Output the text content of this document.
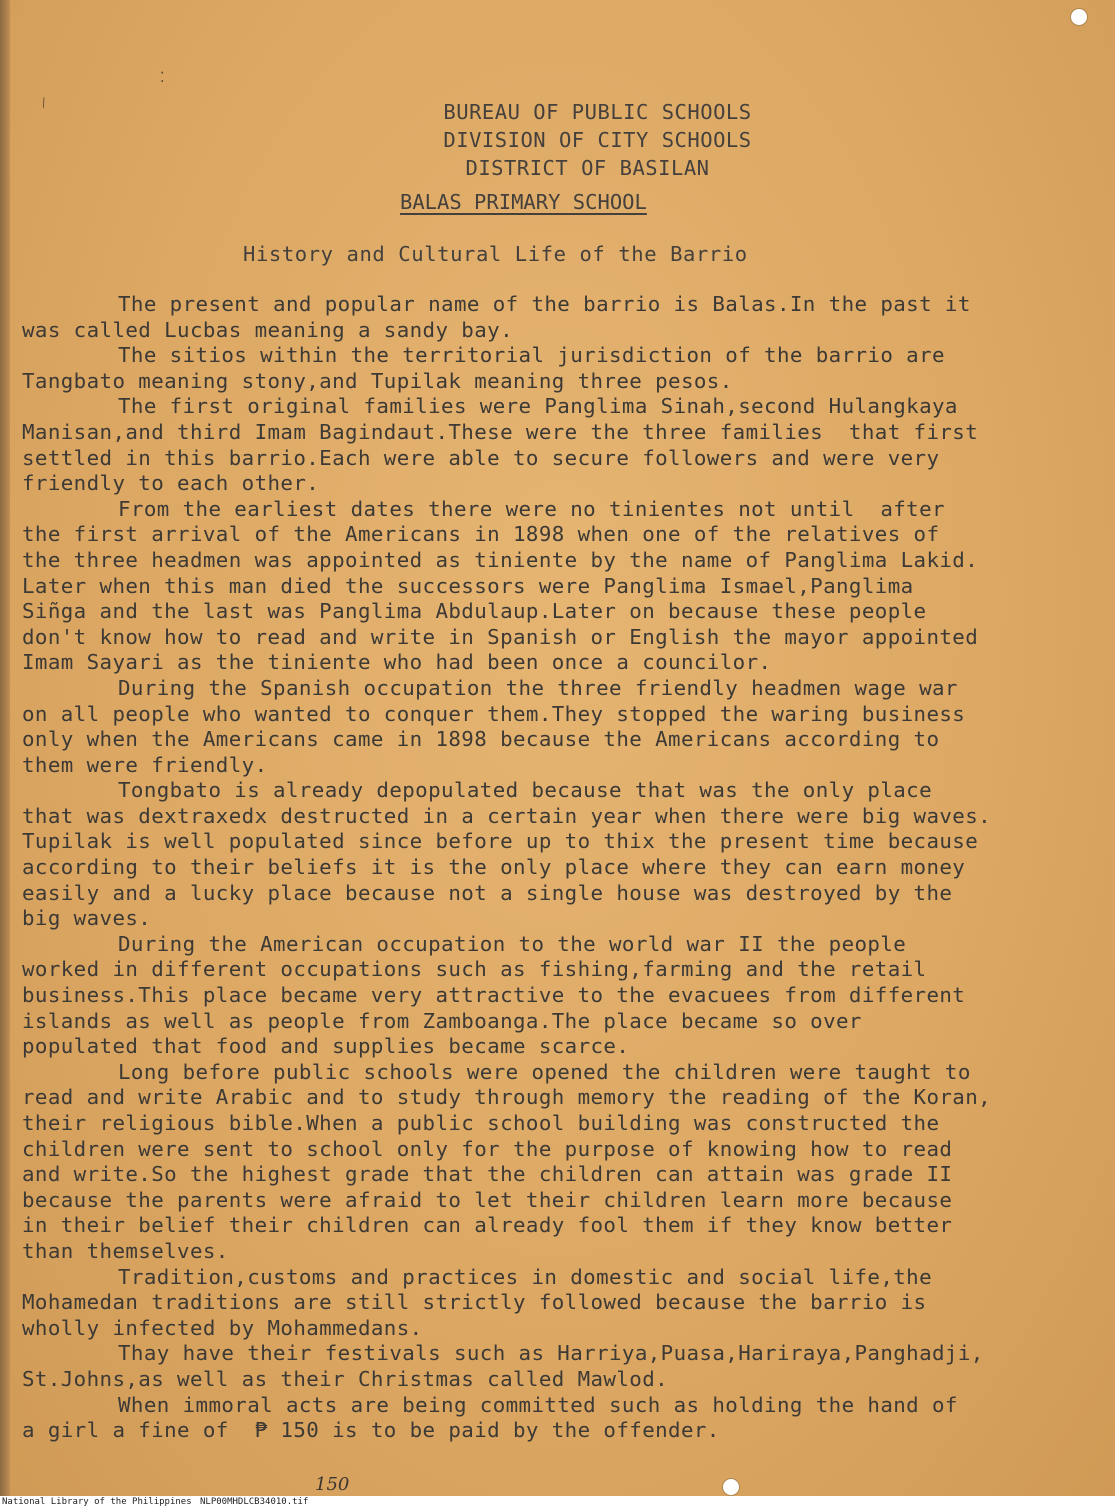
⁄
⁚
BUREAU OF PUBLIC SCHOOLS
DIVISION OF CITY SCHOOLS
DISTRICT OF BASILAN
BALAS PRIMARY SCHOOL
History and Cultural Life of the Barrio
The present and popular name of the barrio is Balas.In the past it
was called Lucbas meaning a sandy bay.
The sitios within the territorial jurisdiction of the barrio are
Tangbato meaning stony,and Tupilak meaning three pesos.
The first original families were Panglima Sinah,second Hulangkaya
Manisan,and third Imam Bagindaut.These were the three families  that first
settled in this barrio.Each were able to secure followers and were very
friendly to each other.
From the earliest dates there were no tinientes not until  after
the first arrival of the Americans in 1898 when one of the relatives of
the three headmen was appointed as tiniente by the name of Panglima Lakid.
Later when this man died the successors were Panglima Ismael,Panglima
Siñga and the last was Panglima Abdulaup.Later on because these people
don't know how to read and write in Spanish or English the mayor appointed
Imam Sayari as the tiniente who had been once a councilor.
During the Spanish occupation the three friendly headmen wage war
on all people who wanted to conquer them.They stopped the waring business
only when the Americans came in 1898 because the Americans according to
them were friendly.
Tongbato is already depopulated because that was the only place
that was dextraxedx destructed in a certain year when there were big waves.
Tupilak is well populated since before up to thix the present time because
according to their beliefs it is the only place where they can earn money
easily and a lucky place because not a single house was destroyed by the
big waves.
During the American occupation to the world war II the people
worked in different occupations such as fishing,farming and the retail
business.This place became very attractive to the evacuees from different
islands as well as people from Zamboanga.The place became so over
populated that food and supplies became scarce.
Long before public schools were opened the children were taught to
read and write Arabic and to study through memory the reading of the Koran,
their religious bible.When a public school building was constructed the
children were sent to school only for the purpose of knowing how to read
and write.So the highest grade that the children can attain was grade II
because the parents were afraid to let their children learn more because
in their belief their children can already fool them if they know better
than themselves.
Tradition,customs and practices in domestic and social life,the
Mohamedan traditions are still strictly followed because the barrio is
wholly infected by Mohammedans.
Thay have their festivals such as Harriya,Puasa,Hariraya,Panghadji,
St.Johns,as well as their Christmas called Mawlod.
When immoral acts are being committed such as holding the hand of
a girl a fine of  ₱ 150 is to be paid by the offender.
150
National Library of the Philippines NLP00MHDLCB34010.tif
